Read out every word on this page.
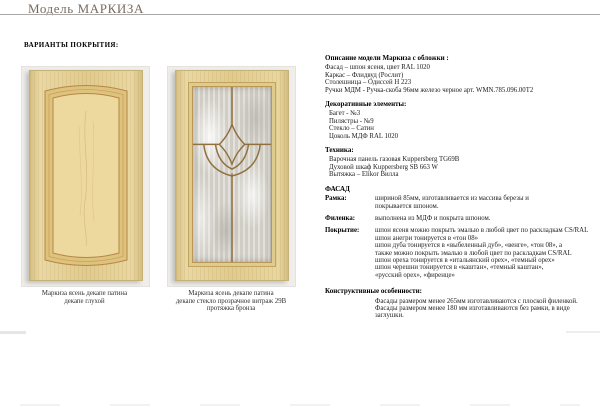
Модель МАРКИЗА
ВАРИАНТЫ ПОКРЫТИЯ:
Маркиза ясень декапе патина
декапе глухой
Маркиза ясень декапе патина
декапе стекло прозрачное витраж 29В
протяжка бронза
Описание модели Маркиза с обложки :
Фасад – шпон ясеня, цвет RAL 1020
Каркас – Флидвуд (Рослит)
Столешница – Одиссей Н 223
Ручки МДМ - Ручка-скоба 96мм железо черное арт. WMN.785.096.00T2
Декоративные элементы:
Багет - №3
Пилястры - №9
Стекло – Сатин
Цоколь МДФ RAL 1020
Техника:
Варочная панель газовая Kuppersberg TG69B
Духовой шкаф Kuppersberg SB 663 W
Вытяжка – Elikor Вилла
ФАСАД
Рамка:	шириной 85мм, изготавливается из массива березы и
покрывается шпоном.
Филенка:	выполнена из МДФ и покрыта шпоном.
Покрытие:	шпон ясеня можно покрыть эмалью в любой цвет по раскладкам CS/RAL
шпон анегри тонируется в «тон 08»
шпон дуба тонируется в «выбеленный дуб», «венге», «тон 08», а
также можно покрыть эмалью в любой цвет по раскладкам CS/RAL
шпон ореха тонируется в «итальянский орех», «темный орех»
шпон черешни тонируется в «каштан», «темный каштан»,
«русский орех», «фиренце»
Конструктивные особенности:
Фасады размером менее 265мм изготавливаются с плоской филенкой.
Фасады размером менее 180 мм изготавливаются без рамки, в виде
заглушки.
